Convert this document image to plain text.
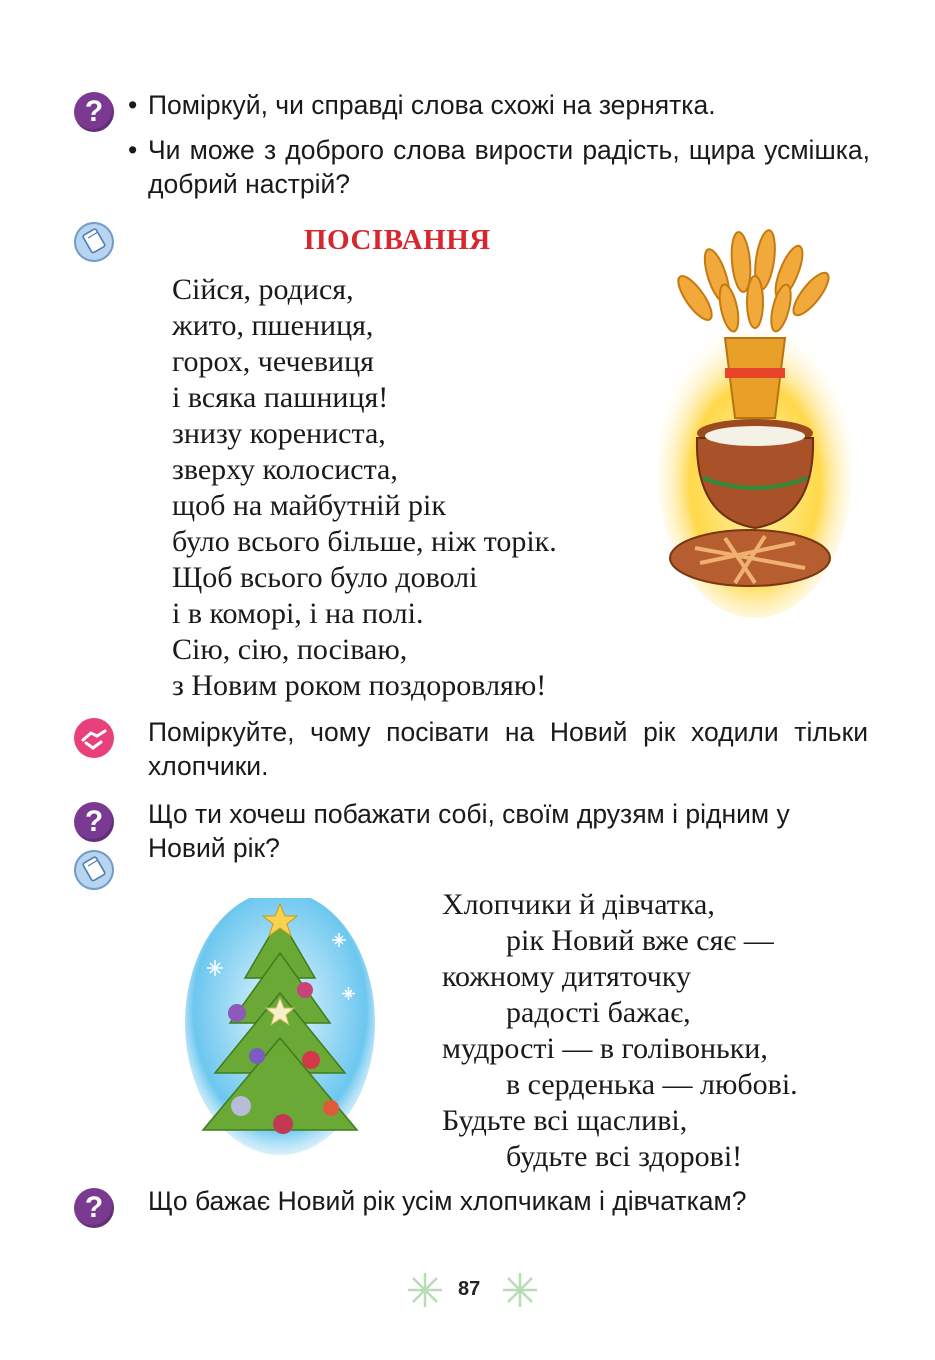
? • Поміркуй, чи справді слова схожі на зернятка.
• Чи може з доброго слова вирости радість, щира усмішка, добрий настрій?
ПОСІВАННЯ

Сійся, родися,

жито, пшениця,

горох, чечевиця

і всяка пашниця!

знизу корениста,

зверху колосиста,

щоб на майбутній рік

було всього більше, ніж торік.

Щоб всього було доволі

і в коморі, і на полі.

Сію, сію, посіваю,

з Новим роком поздоровляю!

Поміркуйте, чому посівати на Новий рік ходили тільки хлопчики.
?	Що ти хочеш побажати собі, своїм друзям і рідним у Новий рік?

Хлопчики й дівчатка,

рік Новий вже сяє —

кожному дитяточку

радості бажає,

мудрості — в голівоньки,

в серденька — любові.

Будьте всі щасливі,

будьте всі здорові!

?	Що бажає Новий рік усім хлопчикам і дівчаткам?
87
